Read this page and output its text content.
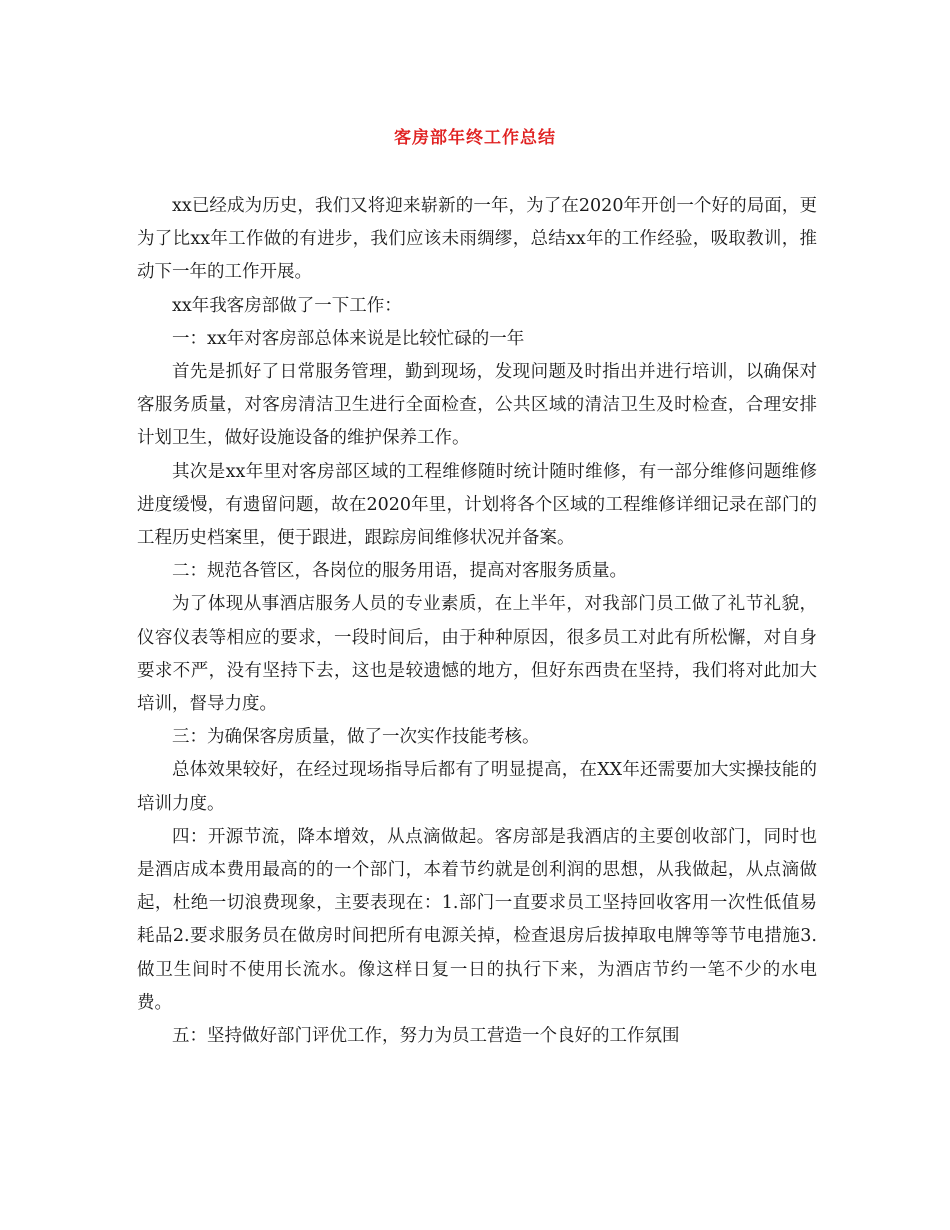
客房部年终工作总结

xx已经成为历史，我们又将迎来崭新的一年，为了在2020年开创一个好的局面，更为了比xx年工作做的有进步，我们应该未雨绸缪，总结xx年的工作经验，吸取教训，推动下一年的工作开展。

xx年我客房部做了一下工作：

一：xx年对客房部总体来说是比较忙碌的一年

首先是抓好了日常服务管理，勤到现场，发现问题及时指出并进行培训，以确保对客服务质量，对客房清洁卫生进行全面检查，公共区域的清洁卫生及时检查，合理安排计划卫生，做好设施设备的维护保养工作。

其次是xx年里对客房部区域的工程维修随时统计随时维修，有一部分维修问题维修进度缓慢，有遗留问题，故在2020年里，计划将各个区域的工程维修详细记录在部门的工程历史档案里，便于跟进，跟踪房间维修状况并备案。

二：规范各管区，各岗位的服务用语，提高对客服务质量。

为了体现从事酒店服务人员的专业素质，在上半年，对我部门员工做了礼节礼貌，仪容仪表等相应的要求，一段时间后，由于种种原因，很多员工对此有所松懈，对自身要求不严，没有坚持下去，这也是较遗憾的地方，但好东西贵在坚持，我们将对此加大培训，督导力度。

三：为确保客房质量，做了一次实作技能考核。

总体效果较好，在经过现场指导后都有了明显提高，在XX年还需要加大实操技能的培训力度。

四：开源节流，降本增效，从点滴做起。客房部是我酒店的主要创收部门，同时也是酒店成本费用最高的的一个部门，本着节约就是创利润的思想，从我做起，从点滴做起，杜绝一切浪费现象，主要表现在：1.部门一直要求员工坚持回收客用一次性低值易耗品2.要求服务员在做房时间把所有电源关掉，检查退房后拔掉取电牌等等节电措施3.做卫生间时不使用长流水。像这样日复一日的执行下来，为酒店节约一笔不少的水电费。

五：坚持做好部门评优工作，努力为员工营造一个良好的工作氛围
